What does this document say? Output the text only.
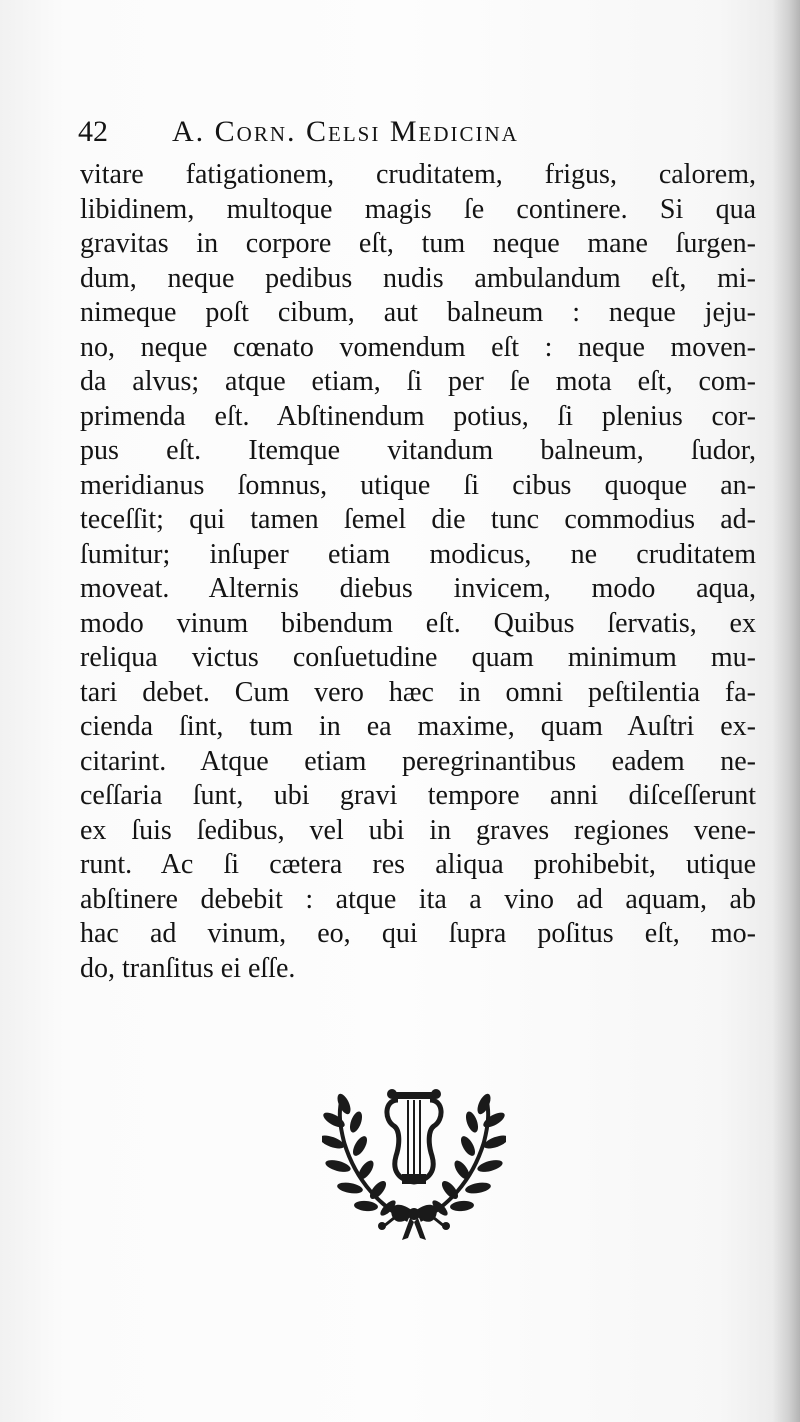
42 A. Corn. Celsi Medicina
vitare fatigationem, cruditatem, frigus, calorem,
libidinem, multoque magis ſe continere. Si qua
gravitas in corpore eſt, tum neque mane ſurgen-
dum, neque pedibus nudis ambulandum eſt, mi-
nimeque poſt cibum, aut balneum : neque jeju-
no, neque cœnato vomendum eſt : neque moven-
da alvus; atque etiam, ſi per ſe mota eſt, com-
primenda eſt. Abſtinendum potius, ſi plenius cor-
pus eſt. Itemque vitandum balneum, ſudor,
meridianus ſomnus, utique ſi cibus quoque an-
teceſſit; qui tamen ſemel die tunc commodius ad-
ſumitur; inſuper etiam modicus, ne cruditatem
moveat. Alternis diebus invicem, modo aqua,
modo vinum bibendum eſt. Quibus ſervatis, ex
reliqua victus conſuetudine quam minimum mu-
tari debet. Cum vero hæc in omni peſtilentia fa-
cienda ſint, tum in ea maxime, quam Auſtri ex-
citarint. Atque etiam peregrinantibus eadem ne-
ceſſaria ſunt, ubi gravi tempore anni diſceſſerunt
ex ſuis ſedibus, vel ubi in graves regiones vene-
runt. Ac ſi cætera res aliqua prohibebit, utique
abſtinere debebit : atque ita a vino ad aquam, ab
hac ad vinum, eo, qui ſupra poſitus eſt, mo-
do, tranſitus ei eſſe.
